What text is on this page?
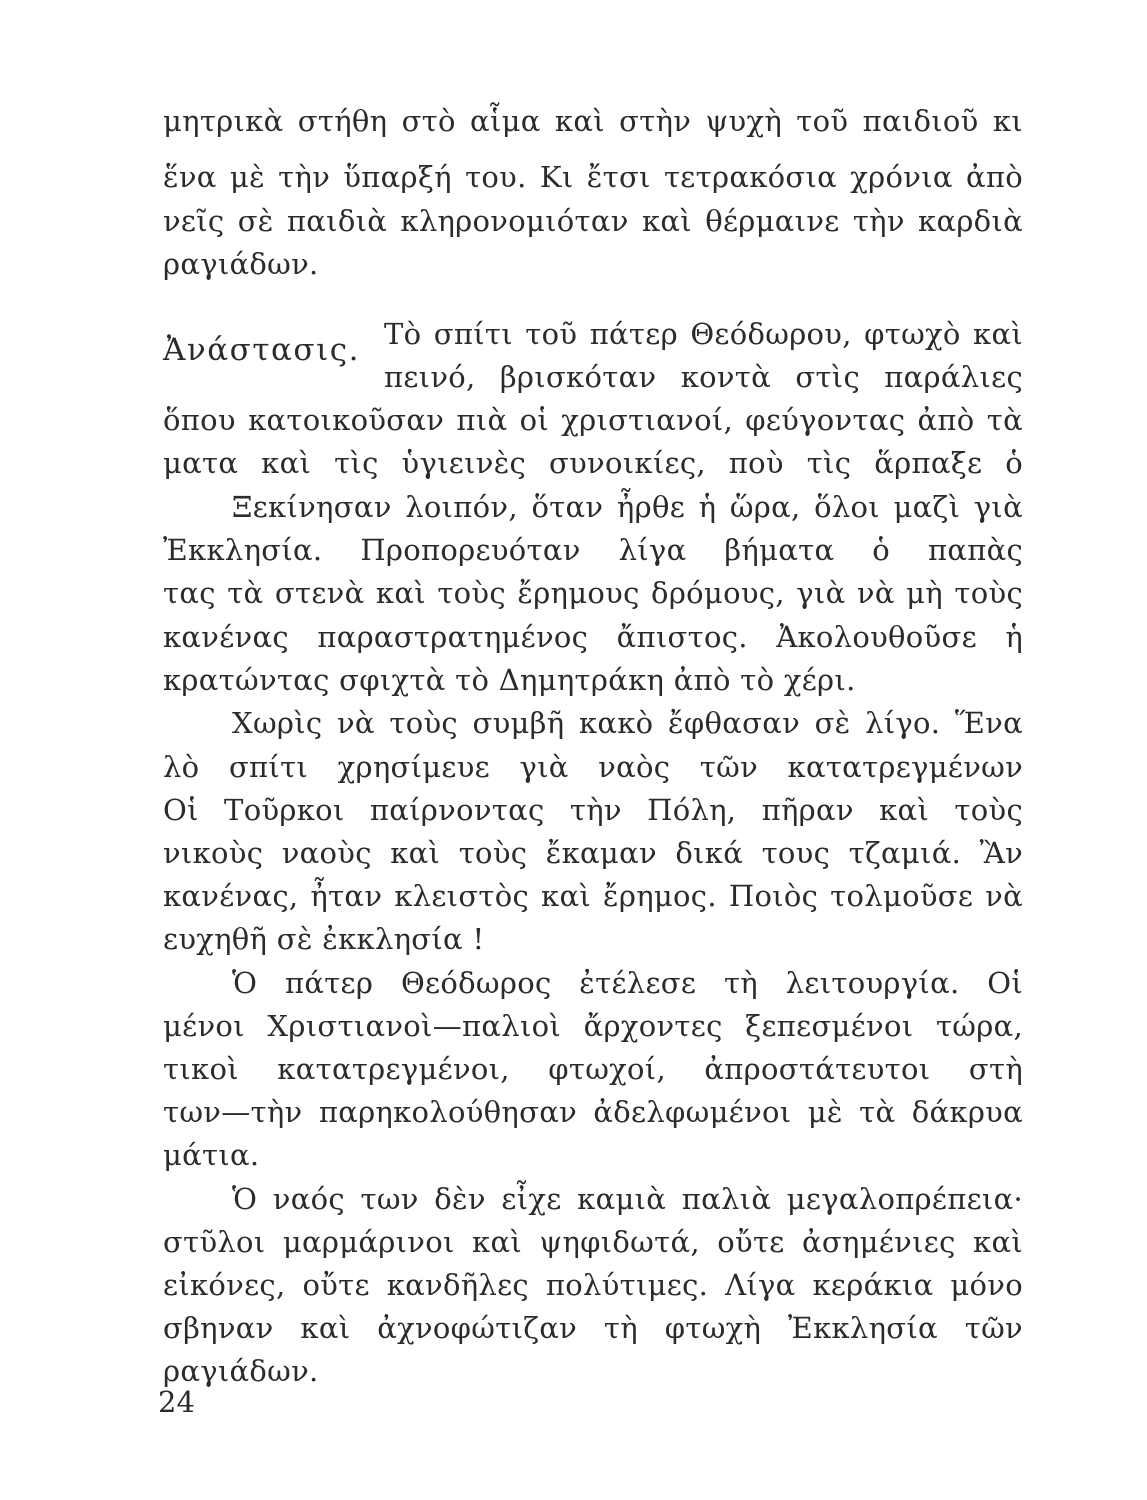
μητρικὰ στήθη στὸ αἷμα καὶ στὴν ψυχὴ τοῦ παιδιοῦ κι
ἕνα μὲ τὴν ὕπαρξή του. Κι ἔτσι τετρακόσια χρόνια ἀπὸ
νεῖς σὲ παιδιὰ κληρονομιόταν καὶ θέρμαινε τὴν καρδιὰ
ραγιάδων.
Ἀνάστασις. Τὸ σπίτι τοῦ πάτερ Θεόδωρου, φτωχὸ καὶ
πεινό, βρισκόταν κοντὰ στὶς παράλιες
ὅπου κατοικοῦσαν πιὰ οἱ χριστιανοί, φεύγοντας ἀπὸ τὰ
ματα καὶ τὶς ὑγιεινὲς συνοικίες, ποὺ τὶς ἅρπαξε ὁ
Ξεκίνησαν λοιπόν, ὅταν ἦρθε ἡ ὥρα, ὅλοι μαζὶ γιὰ
Ἐκκλησία. Προπορευόταν λίγα βήματα ὁ παπὰς
τας τὰ στενὰ καὶ τοὺς ἔρημους δρόμους, γιὰ νὰ μὴ τοὺς
κανένας παραστρατημένος ἄπιστος. Ἀκολουθοῦσε ἡ
κρατώντας σφιχτὰ τὸ Δημητράκη ἀπὸ τὸ χέρι.
Χωρὶς νὰ τοὺς συμβῆ κακὸ ἔφθασαν σὲ λίγο. Ἕνα
λὸ σπίτι χρησίμευε γιὰ ναὸς τῶν κατατρεγμένων
Οἱ Τοῦρκοι παίρνοντας τὴν Πόλη, πῆραν καὶ τοὺς
νικοὺς ναοὺς καὶ τοὺς ἔκαμαν δικά τους τζαμιά. Ἂν
κανένας, ἦταν κλειστὸς καὶ ἔρημος. Ποιὸς τολμοῦσε νὰ
ευχηθῆ σὲ ἐκκλησία !
Ὁ πάτερ Θεόδωρος ἐτέλεσε τὴ λειτουργία. Οἱ
μένοι Χριστιανοὶ—παλιοὶ ἄρχοντες ξεπεσμένοι τώρα,
τικοὶ κατατρεγμένοι, φτωχοί, ἀπροστάτευτοι στὴ
των—τὴν παρηκολούθησαν ἀδελφωμένοι μὲ τὰ δάκρυα
μάτια.
Ὁ ναός των δὲν εἶχε καμιὰ παλιὰ μεγαλοπρέπεια·
στῦλοι μαρμάρινοι καὶ ψηφιδωτά, οὔτε ἀσημένιες καὶ
εἰκόνες, οὔτε κανδῆλες πολύτιμες. Λίγα κεράκια μόνο
σβηναν καὶ ἀχνοφώτιζαν τὴ φτωχὴ Ἐκκλησία τῶν
ραγιάδων.
24
